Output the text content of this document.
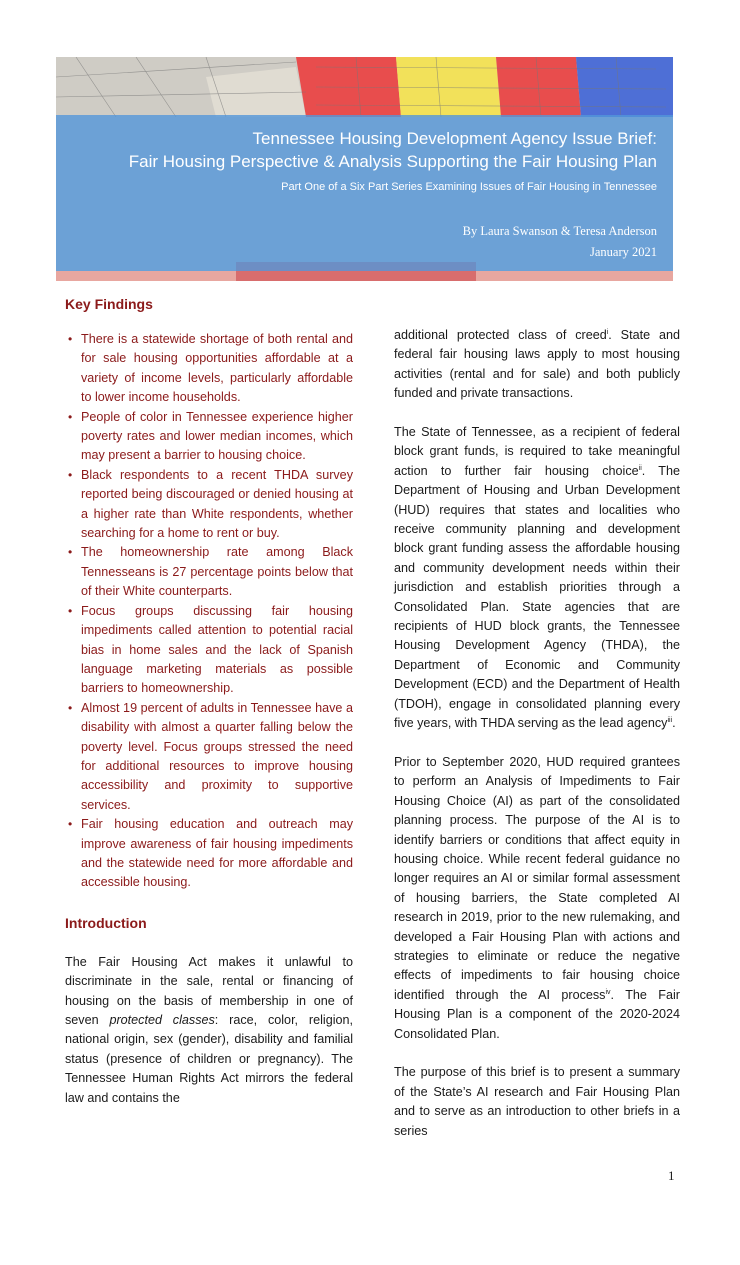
Tennessee Housing Development Agency Issue Brief:
Fair Housing Perspective & Analysis Supporting the Fair Housing Plan
Part One of a Six Part Series Examining Issues of Fair Housing in Tennessee
By Laura Swanson & Teresa Anderson
January 2021
Key Findings
• There is a statewide shortage of both rental and for sale housing opportunities affordable at a variety of income levels, particularly affordable to lower income households.
• People of color in Tennessee experience higher poverty rates and lower median incomes, which may present a barrier to housing choice.
• Black respondents to a recent THDA survey reported being discouraged or denied housing at a higher rate than White respondents, whether searching for a home to rent or buy.
• The homeownership rate among Black Tennesseans is 27 percentage points below that of their White counterparts.
• Focus groups discussing fair housing impediments called attention to potential racial bias in home sales and the lack of Spanish language marketing materials as possible barriers to homeownership.
• Almost 19 percent of adults in Tennessee have a disability with almost a quarter falling below the poverty level. Focus groups stressed the need for additional resources to improve housing accessibility and proximity to supportive services.
• Fair housing education and outreach may improve awareness of fair housing impediments and the statewide need for more affordable and accessible housing.
Introduction
The Fair Housing Act makes it unlawful to discriminate in the sale, rental or financing of housing on the basis of membership in one of seven protected classes: race, color, religion, national origin, sex (gender), disability and familial status (presence of children or pregnancy). The Tennessee Human Rights Act mirrors the federal law and contains the

additional protected class of creed$^i$. State and federal fair housing laws apply to most housing activities (rental and for sale) and both publicly funded and private transactions.

The State of Tennessee, as a recipient of federal block grant funds, is required to take meaningful action to further fair housing choice$^{ii}$. The Department of Housing and Urban Development (HUD) requires that states and localities who receive community planning and development block grant funding assess the affordable housing and community development needs within their jurisdiction and establish priorities through a Consolidated Plan. State agencies that are recipients of HUD block grants, the Tennessee Housing Development Agency (THDA), the Department of Economic and Community Development (ECD) and the Department of Health (TDOH), engage in consolidated planning every five years, with THDA serving as the lead agency$^{iii}$.

Prior to September 2020, HUD required grantees to perform an Analysis of Impediments to Fair Housing Choice (AI) as part of the consolidated planning process. The purpose of the AI is to identify barriers or conditions that affect equity in housing choice. While recent federal guidance no longer requires an AI or similar formal assessment of housing barriers, the State completed AI research in 2019, prior to the new rulemaking, and developed a Fair Housing Plan with actions and strategies to eliminate or reduce the negative effects of impediments to fair housing choice identified through the AI process$^{iv}$. The Fair Housing Plan is a component of the 2020-2024 Consolidated Plan.

The purpose of this brief is to present a summary of the State’s AI research and Fair Housing Plan and to serve as an introduction to other briefs in a series

1
